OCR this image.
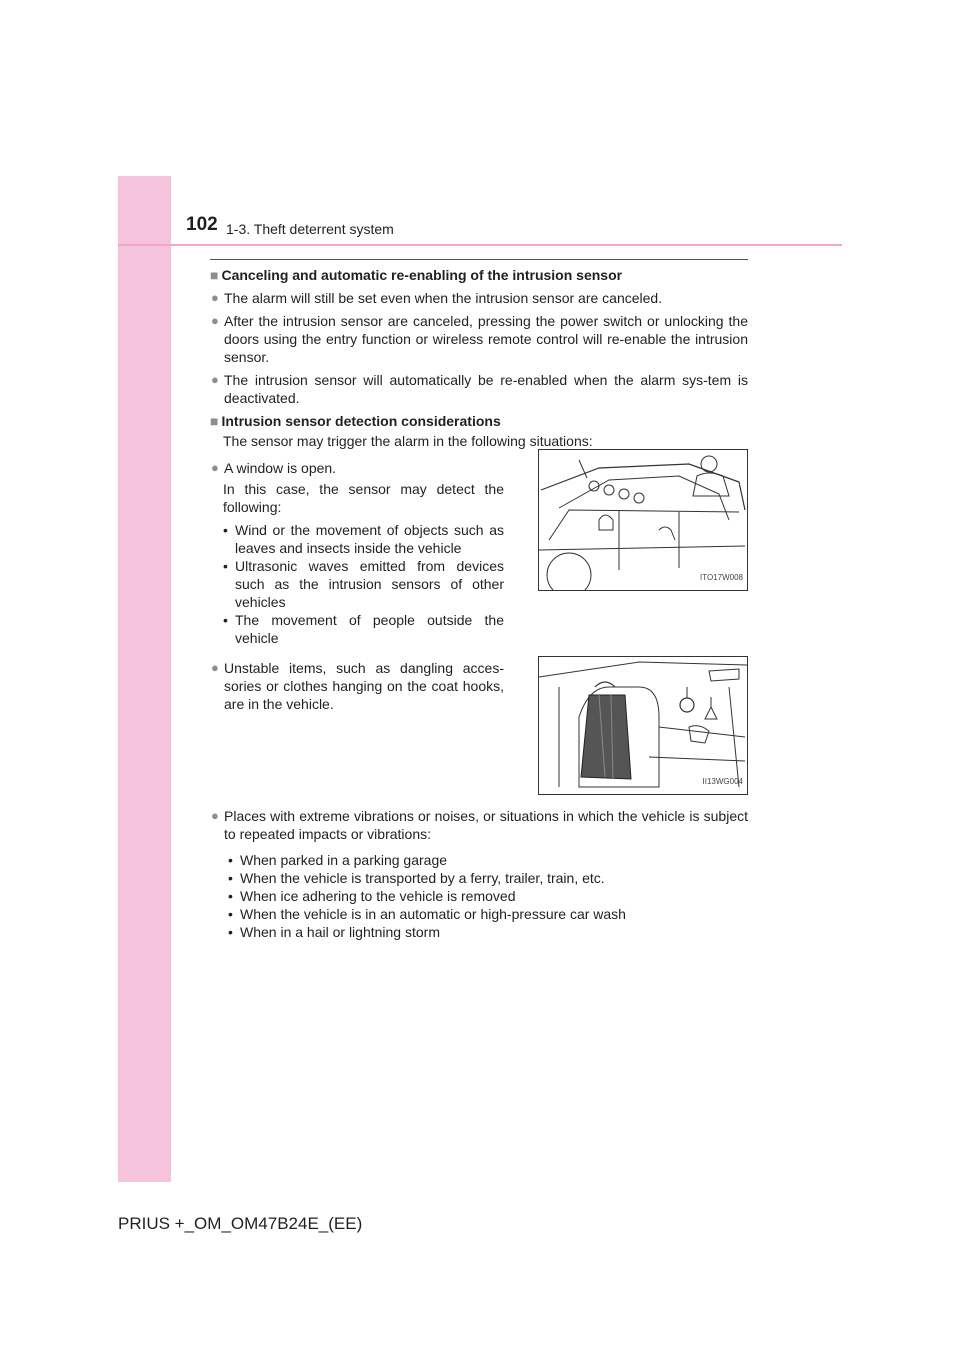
102 1-3. Theft deterrent system
■ Canceling and automatic re-enabling of the intrusion sensor
● The alarm will still be set even when the intrusion sensor are canceled.
● After the intrusion sensor are canceled, pressing the power switch or unlocking the doors using the entry function or wireless remote control will re-enable the intrusion sensor.
● The intrusion sensor will automatically be re-enabled when the alarm sys-tem is deactivated.
■ Intrusion sensor detection considerations
The sensor may trigger the alarm in the following situations:
● A window is open.
In this case, the sensor may detect the following:
• Wind or the movement of objects such as leaves and insects inside the vehicle
• Ultrasonic waves emitted from devices such as the intrusion sensors of other vehicles
• The movement of people outside the vehicle
ITO17W008
● Unstable items, such as dangling acces-sories or clothes hanging on the coat hooks, are in the vehicle.
II13WG004
● Places with extreme vibrations or noises, or situations in which the vehicle is subject to repeated impacts or vibrations:
• When parked in a parking garage
• When the vehicle is transported by a ferry, trailer, train, etc.
• When ice adhering to the vehicle is removed
• When the vehicle is in an automatic or high-pressure car wash
• When in a hail or lightning storm
PRIUS +_OM_OM47B24E_(EE)
